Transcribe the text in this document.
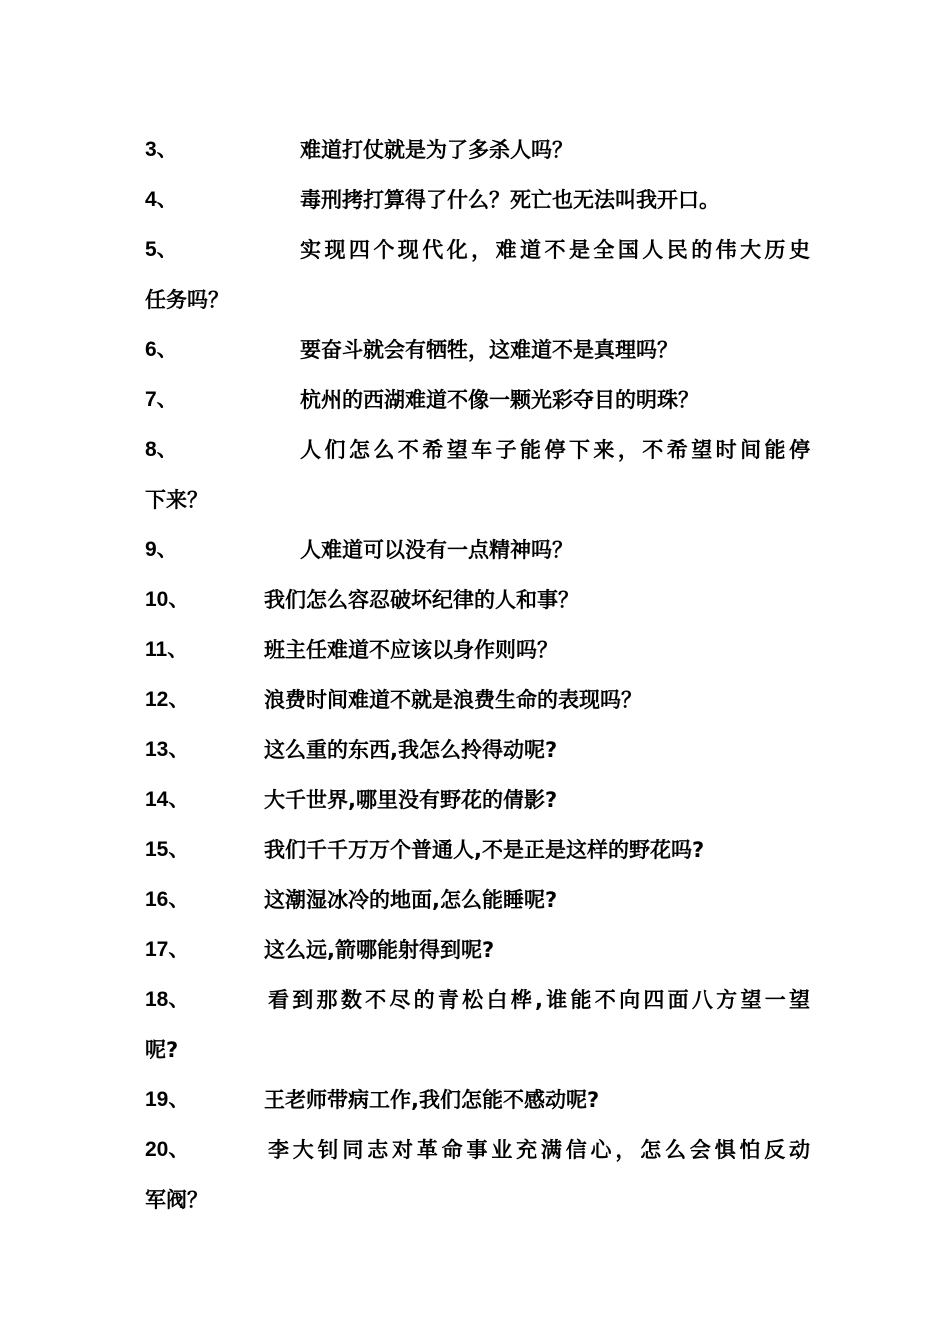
3、	难道打仗就是为了多杀人吗？
4、	毒刑拷打算得了什么？死亡也无法叫我开口。
5、	实现四个现代化，难道不是全国人民的伟大历史
任务吗？
6、	要奋斗就会有牺牲，这难道不是真理吗？
7、	杭州的西湖难道不像一颗光彩夺目的明珠？
8、	人们怎么不希望车子能停下来，不希望时间能停
下来？
9、	人难道可以没有一点精神吗？
10、	我们怎么容忍破坏纪律的人和事？
11、	班主任难道不应该以身作则吗？
12、	浪费时间难道不就是浪费生命的表现吗？
13、	这么重的东西,我怎么拎得动呢?
14、	大千世界,哪里没有野花的倩影?
15、	我们千千万万个普通人,不是正是这样的野花吗?
16、	这潮湿冰冷的地面,怎么能睡呢?
17、	这么远,箭哪能射得到呢?
18、	看到那数不尽的青松白桦,谁能不向四面八方望一望
呢?
19、	王老师带病工作,我们怎能不感动呢?
20、	李大钊同志对革命事业充满信心，怎么会惧怕反动
军阀？
